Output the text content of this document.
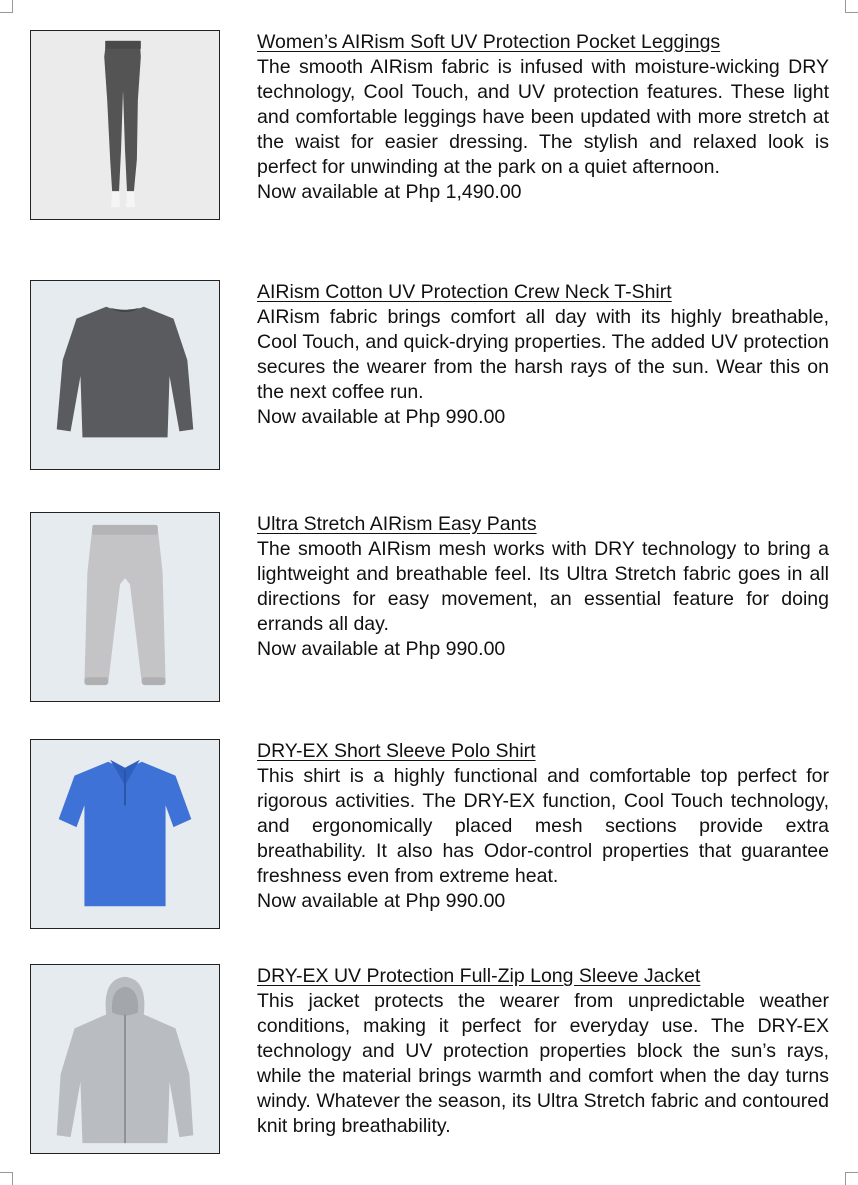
Women’s AIRism Soft UV Protection Pocket Leggings

The smooth AIRism fabric is infused with moisture-wicking DRY technology, Cool Touch, and UV protection features. These light and comfortable leggings have been updated with more stretch at the waist for easier dressing. The stylish and relaxed look is perfect for unwinding at the park on a quiet afternoon.

Now available at Php 1,490.00

AIRism Cotton UV Protection Crew Neck T-Shirt

AIRism fabric brings comfort all day with its highly breathable, Cool Touch, and quick-drying properties. The added UV protection secures the wearer from the harsh rays of the sun. Wear this on the next coffee run.

Now available at Php 990.00

Ultra Stretch AIRism Easy Pants

The smooth AIRism mesh works with DRY technology to bring a lightweight and breathable feel. Its Ultra Stretch fabric goes in all directions for easy movement, an essential feature for doing errands all day.

Now available at Php 990.00

DRY-EX Short Sleeve Polo Shirt

This shirt is a highly functional and comfortable top perfect for rigorous activities. The DRY-EX function, Cool Touch technology, and ergonomically placed mesh sections provide extra breathability. It also has Odor-control properties that guarantee freshness even from extreme heat.

Now available at Php 990.00

DRY-EX UV Protection Full-Zip Long Sleeve Jacket

This jacket protects the wearer from unpredictable weather conditions, making it perfect for everyday use. The DRY-EX technology and UV protection properties block the sun’s rays, while the material brings warmth and comfort when the day turns windy. Whatever the season, its Ultra Stretch fabric and contoured knit bring breathability.
